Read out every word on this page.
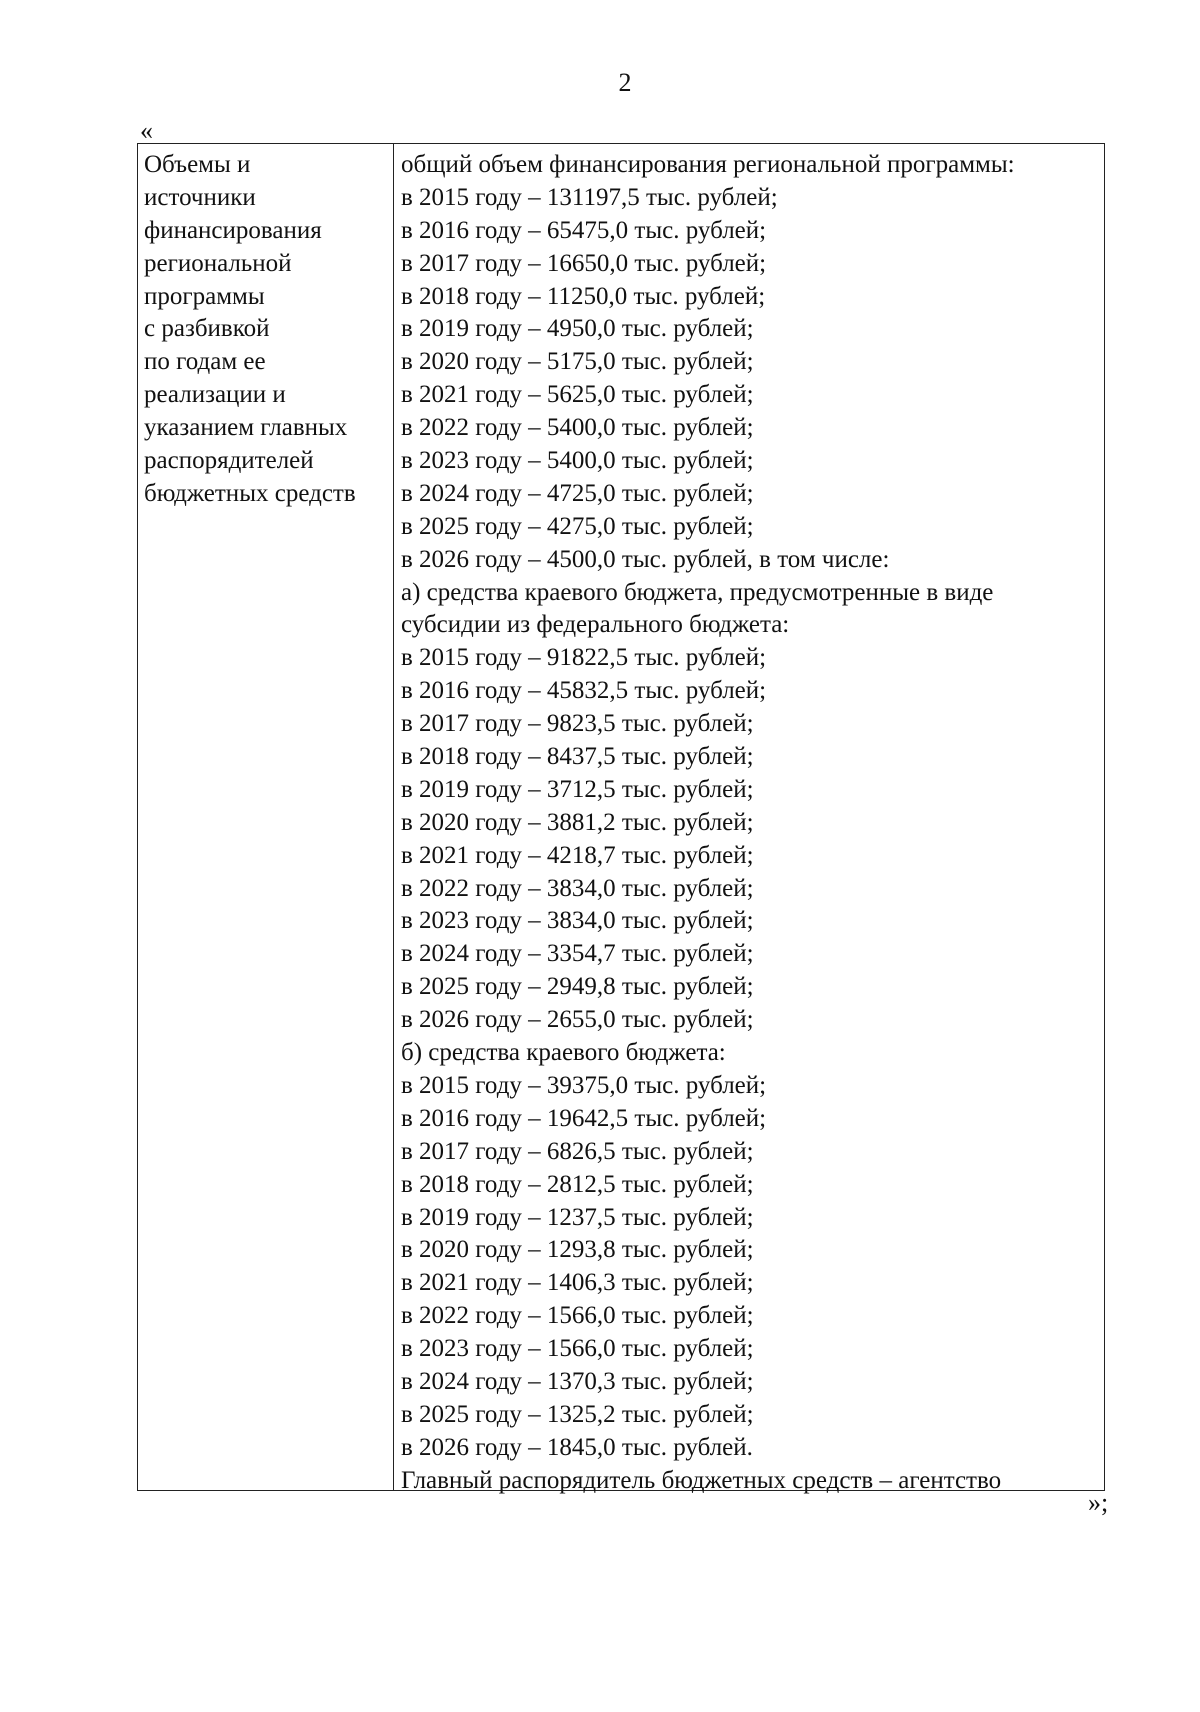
2
«
Объемы и
источники
финансирования
региональной
программы
с разбивкой
по годам ее
реализации и
указанием главных
распорядителей
бюджетных средств
общий объем финансирования региональной программы:
в 2015 году – 131197,5 тыс. рублей;
в 2016 году – 65475,0 тыс. рублей;
в 2017 году – 16650,0 тыс. рублей;
в 2018 году – 11250,0 тыс. рублей;
в 2019 году – 4950,0 тыс. рублей;
в 2020 году – 5175,0 тыс. рублей;
в 2021 году – 5625,0 тыс. рублей;
в 2022 году – 5400,0 тыс. рублей;
в 2023 году – 5400,0 тыс. рублей;
в 2024 году – 4725,0 тыс. рублей;
в 2025 году – 4275,0 тыс. рублей;
в 2026 году – 4500,0 тыс. рублей, в том числе:
а) средства краевого бюджета, предусмотренные в виде
субсидии из федерального бюджета:
в 2015 году – 91822,5 тыс. рублей;
в 2016 году – 45832,5 тыс. рублей;
в 2017 году – 9823,5 тыс. рублей;
в 2018 году – 8437,5 тыс. рублей;
в 2019 году – 3712,5 тыс. рублей;
в 2020 году – 3881,2 тыс. рублей;
в 2021 году – 4218,7 тыс. рублей;
в 2022 году – 3834,0 тыс. рублей;
в 2023 году – 3834,0 тыс. рублей;
в 2024 году – 3354,7 тыс. рублей;
в 2025 году – 2949,8 тыс. рублей;
в 2026 году – 2655,0 тыс. рублей;
б) средства краевого бюджета:
в 2015 году – 39375,0 тыс. рублей;
в 2016 году – 19642,5 тыс. рублей;
в 2017 году – 6826,5 тыс. рублей;
в 2018 году – 2812,5 тыс. рублей;
в 2019 году – 1237,5 тыс. рублей;
в 2020 году – 1293,8 тыс. рублей;
в 2021 году – 1406,3 тыс. рублей;
в 2022 году – 1566,0 тыс. рублей;
в 2023 году – 1566,0 тыс. рублей;
в 2024 году – 1370,3 тыс. рублей;
в 2025 году – 1325,2 тыс. рублей;
в 2026 году – 1845,0 тыс. рублей.
Главный распорядитель бюджетных средств – агентство
»;
